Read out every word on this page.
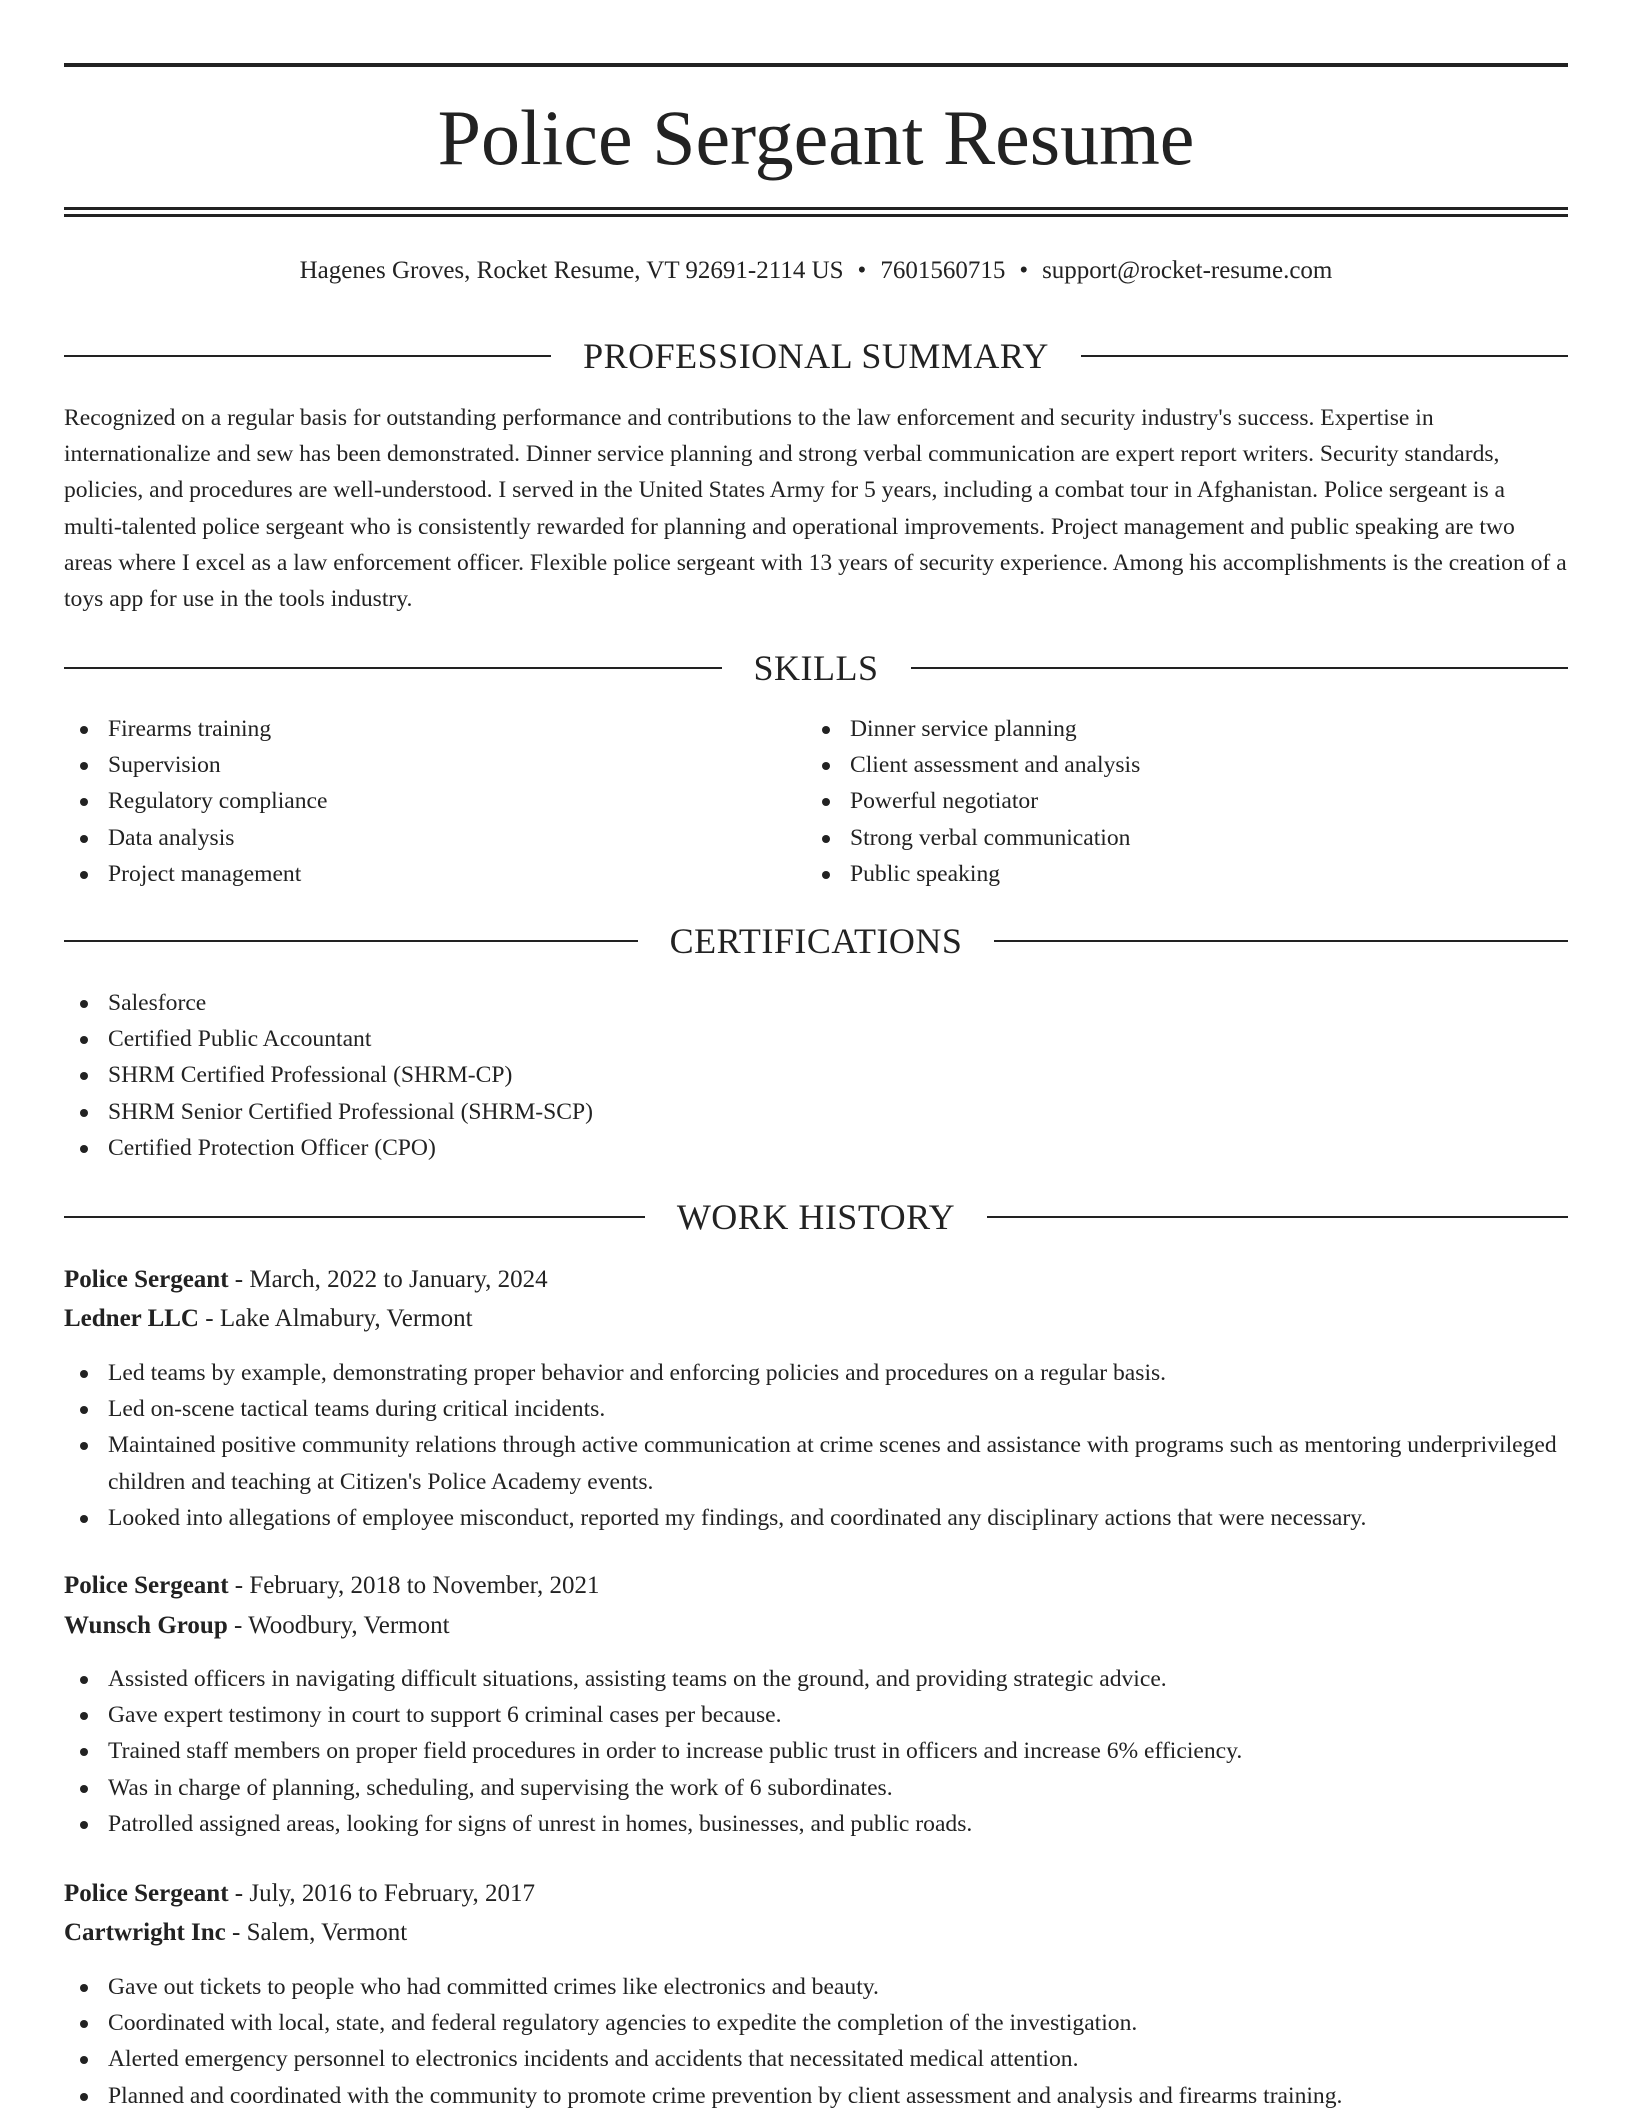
Police Sergeant Resume
Hagenes Groves, Rocket Resume, VT 92691-2114 US • 7601560715 • support@rocket-resume.com
PROFESSIONAL SUMMARY

Recognized on a regular basis for outstanding performance and contributions to the law enforcement and security industry's success. Expertise in internationalize and sew has been demonstrated. Dinner service planning and strong verbal communication are expert report writers. Security standards, policies, and procedures are well-understood. I served in the United States Army for 5 years, including a combat tour in Afghanistan. Police sergeant is a multi-talented police sergeant who is consistently rewarded for planning and operational improvements. Project management and public speaking are two areas where I excel as a law enforcement officer. Flexible police sergeant with 13 years of security experience. Among his accomplishments is the creation of a toys app for use in the tools industry.

SKILLS
Firearms training
Supervision
Regulatory compliance
Data analysis
Project management
Dinner service planning
Client assessment and analysis
Powerful negotiator
Strong verbal communication
Public speaking
CERTIFICATIONS
Salesforce
Certified Public Accountant
SHRM Certified Professional (SHRM-CP)
SHRM Senior Certified Professional (SHRM-SCP)
Certified Protection Officer (CPO)
WORK HISTORY
Police Sergeant - March, 2022 to January, 2024
Ledner LLC - Lake Almabury, Vermont
Led teams by example, demonstrating proper behavior and enforcing policies and procedures on a regular basis.
Led on-scene tactical teams during critical incidents.
Maintained positive community relations through active communication at crime scenes and assistance with programs such as mentoring underprivileged children and teaching at Citizen's Police Academy events.
Looked into allegations of employee misconduct, reported my findings, and coordinated any disciplinary actions that were necessary.
Police Sergeant - February, 2018 to November, 2021
Wunsch Group - Woodbury, Vermont
Assisted officers in navigating difficult situations, assisting teams on the ground, and providing strategic advice.
Gave expert testimony in court to support 6 criminal cases per because.
Trained staff members on proper field procedures in order to increase public trust in officers and increase 6% efficiency.
Was in charge of planning, scheduling, and supervising the work of 6 subordinates.
Patrolled assigned areas, looking for signs of unrest in homes, businesses, and public roads.
Police Sergeant - July, 2016 to February, 2017
Cartwright Inc - Salem, Vermont
Gave out tickets to people who had committed crimes like electronics and beauty.
Coordinated with local, state, and federal regulatory agencies to expedite the completion of the investigation.
Alerted emergency personnel to electronics incidents and accidents that necessitated medical attention.
Planned and coordinated with the community to promote crime prevention by client assessment and analysis and firearms training.
